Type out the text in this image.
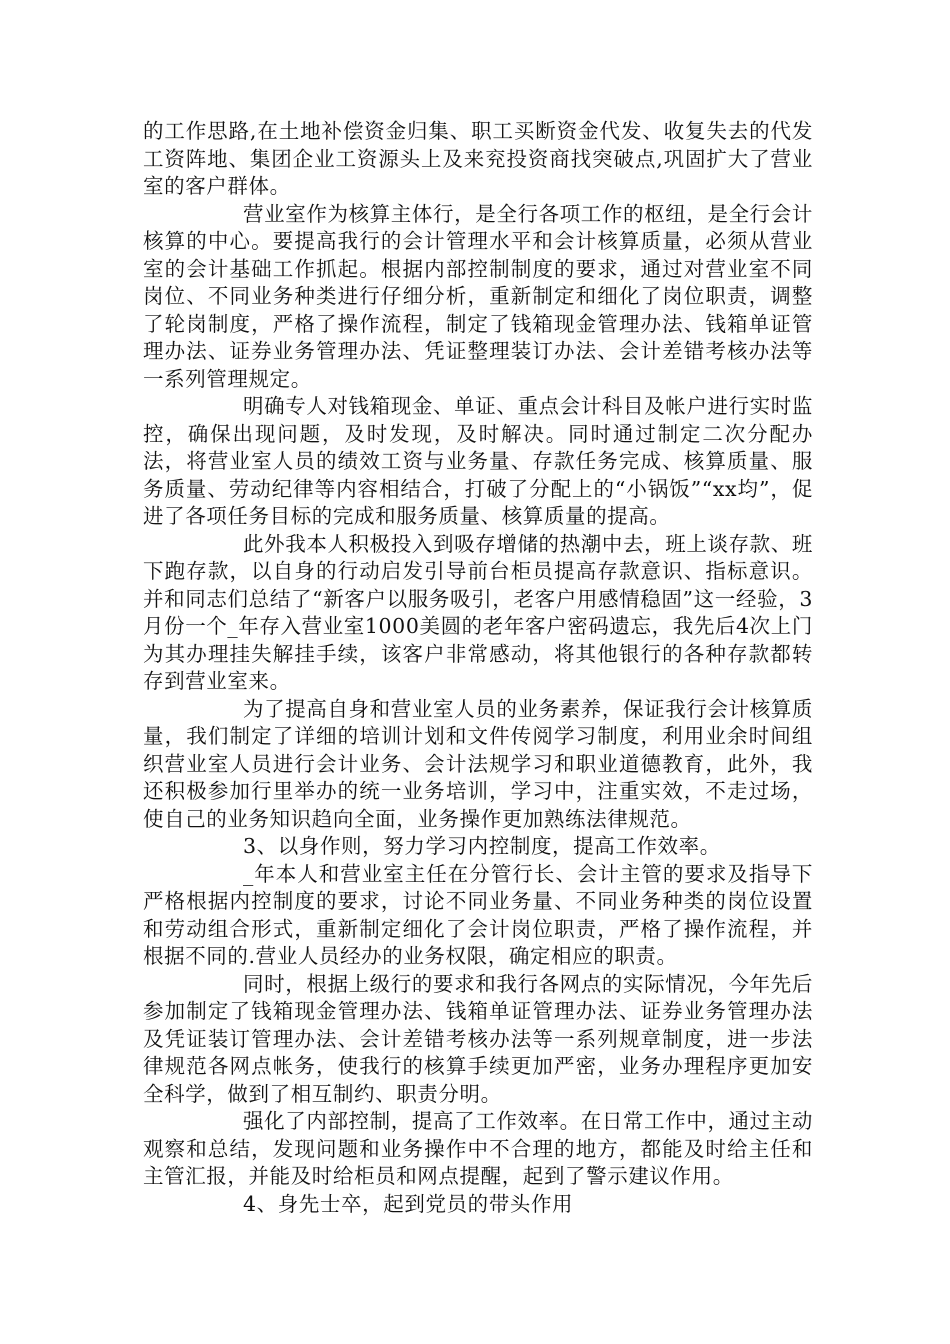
的工作思路,在土地补偿资金归集、职工买断资金代发、收复失去的代发工资阵地、集团企业工资源头上及来兖投资商找突破点,巩固扩大了营业室的客户群体。

营业室作为核算主体行，是全行各项工作的枢纽，是全行会计核算的中心。要提高我行的会计管理水平和会计核算质量，必须从营业室的会计基础工作抓起。根据内部控制制度的要求，通过对营业室不同岗位、不同业务种类进行仔细分析，重新制定和细化了岗位职责，调整了轮岗制度，严格了操作流程，制定了钱箱现金管理办法、钱箱单证管理办法、证券业务管理办法、凭证整理装订办法、会计差错考核办法等一系列管理规定。

明确专人对钱箱现金、单证、重点会计科目及帐户进行实时监控，确保出现问题，及时发现，及时解决。同时通过制定二次分配办法，将营业室人员的绩效工资与业务量、存款任务完成、核算质量、服务质量、劳动纪律等内容相结合，打破了分配上的“小锅饭”“xx均”，促进了各项任务目标的完成和服务质量、核算质量的提高。

此外我本人积极投入到吸存增储的热潮中去，班上谈存款、班下跑存款，以自身的行动启发引导前台柜员提高存款意识、指标意识。并和同志们总结了“新客户以服务吸引，老客户用感情稳固”这一经验，3月份一个_年存入营业室1000美圆的老年客户密码遗忘，我先后4次上门为其办理挂失解挂手续，该客户非常感动，将其他银行的各种存款都转存到营业室来。

为了提高自身和营业室人员的业务素养，保证我行会计核算质量，我们制定了详细的培训计划和文件传阅学习制度，利用业余时间组织营业室人员进行会计业务、会计法规学习和职业道德教育，此外，我还积极参加行里举办的统一业务培训，学习中，注重实效，不走过场，使自己的业务知识趋向全面，业务操作更加熟练法律规范。

3、以身作则，努力学习内控制度，提高工作效率。

_年本人和营业室主任在分管行长、会计主管的要求及指导下严格根据内控制度的要求，讨论不同业务量、不同业务种类的岗位设置和劳动组合形式，重新制定细化了会计岗位职责，严格了操作流程，并根据不同的.营业人员经办的业务权限，确定相应的职责。

同时，根据上级行的要求和我行各网点的实际情况，今年先后参加制定了钱箱现金管理办法、钱箱单证管理办法、证券业务管理办法及凭证装订管理办法、会计差错考核办法等一系列规章制度，进一步法律规范各网点帐务，使我行的核算手续更加严密，业务办理程序更加安全科学，做到了相互制约、职责分明。

强化了内部控制，提高了工作效率。在日常工作中，通过主动观察和总结，发现问题和业务操作中不合理的地方，都能及时给主任和主管汇报，并能及时给柜员和网点提醒，起到了警示建议作用。

4、身先士卒，起到党员的带头作用
